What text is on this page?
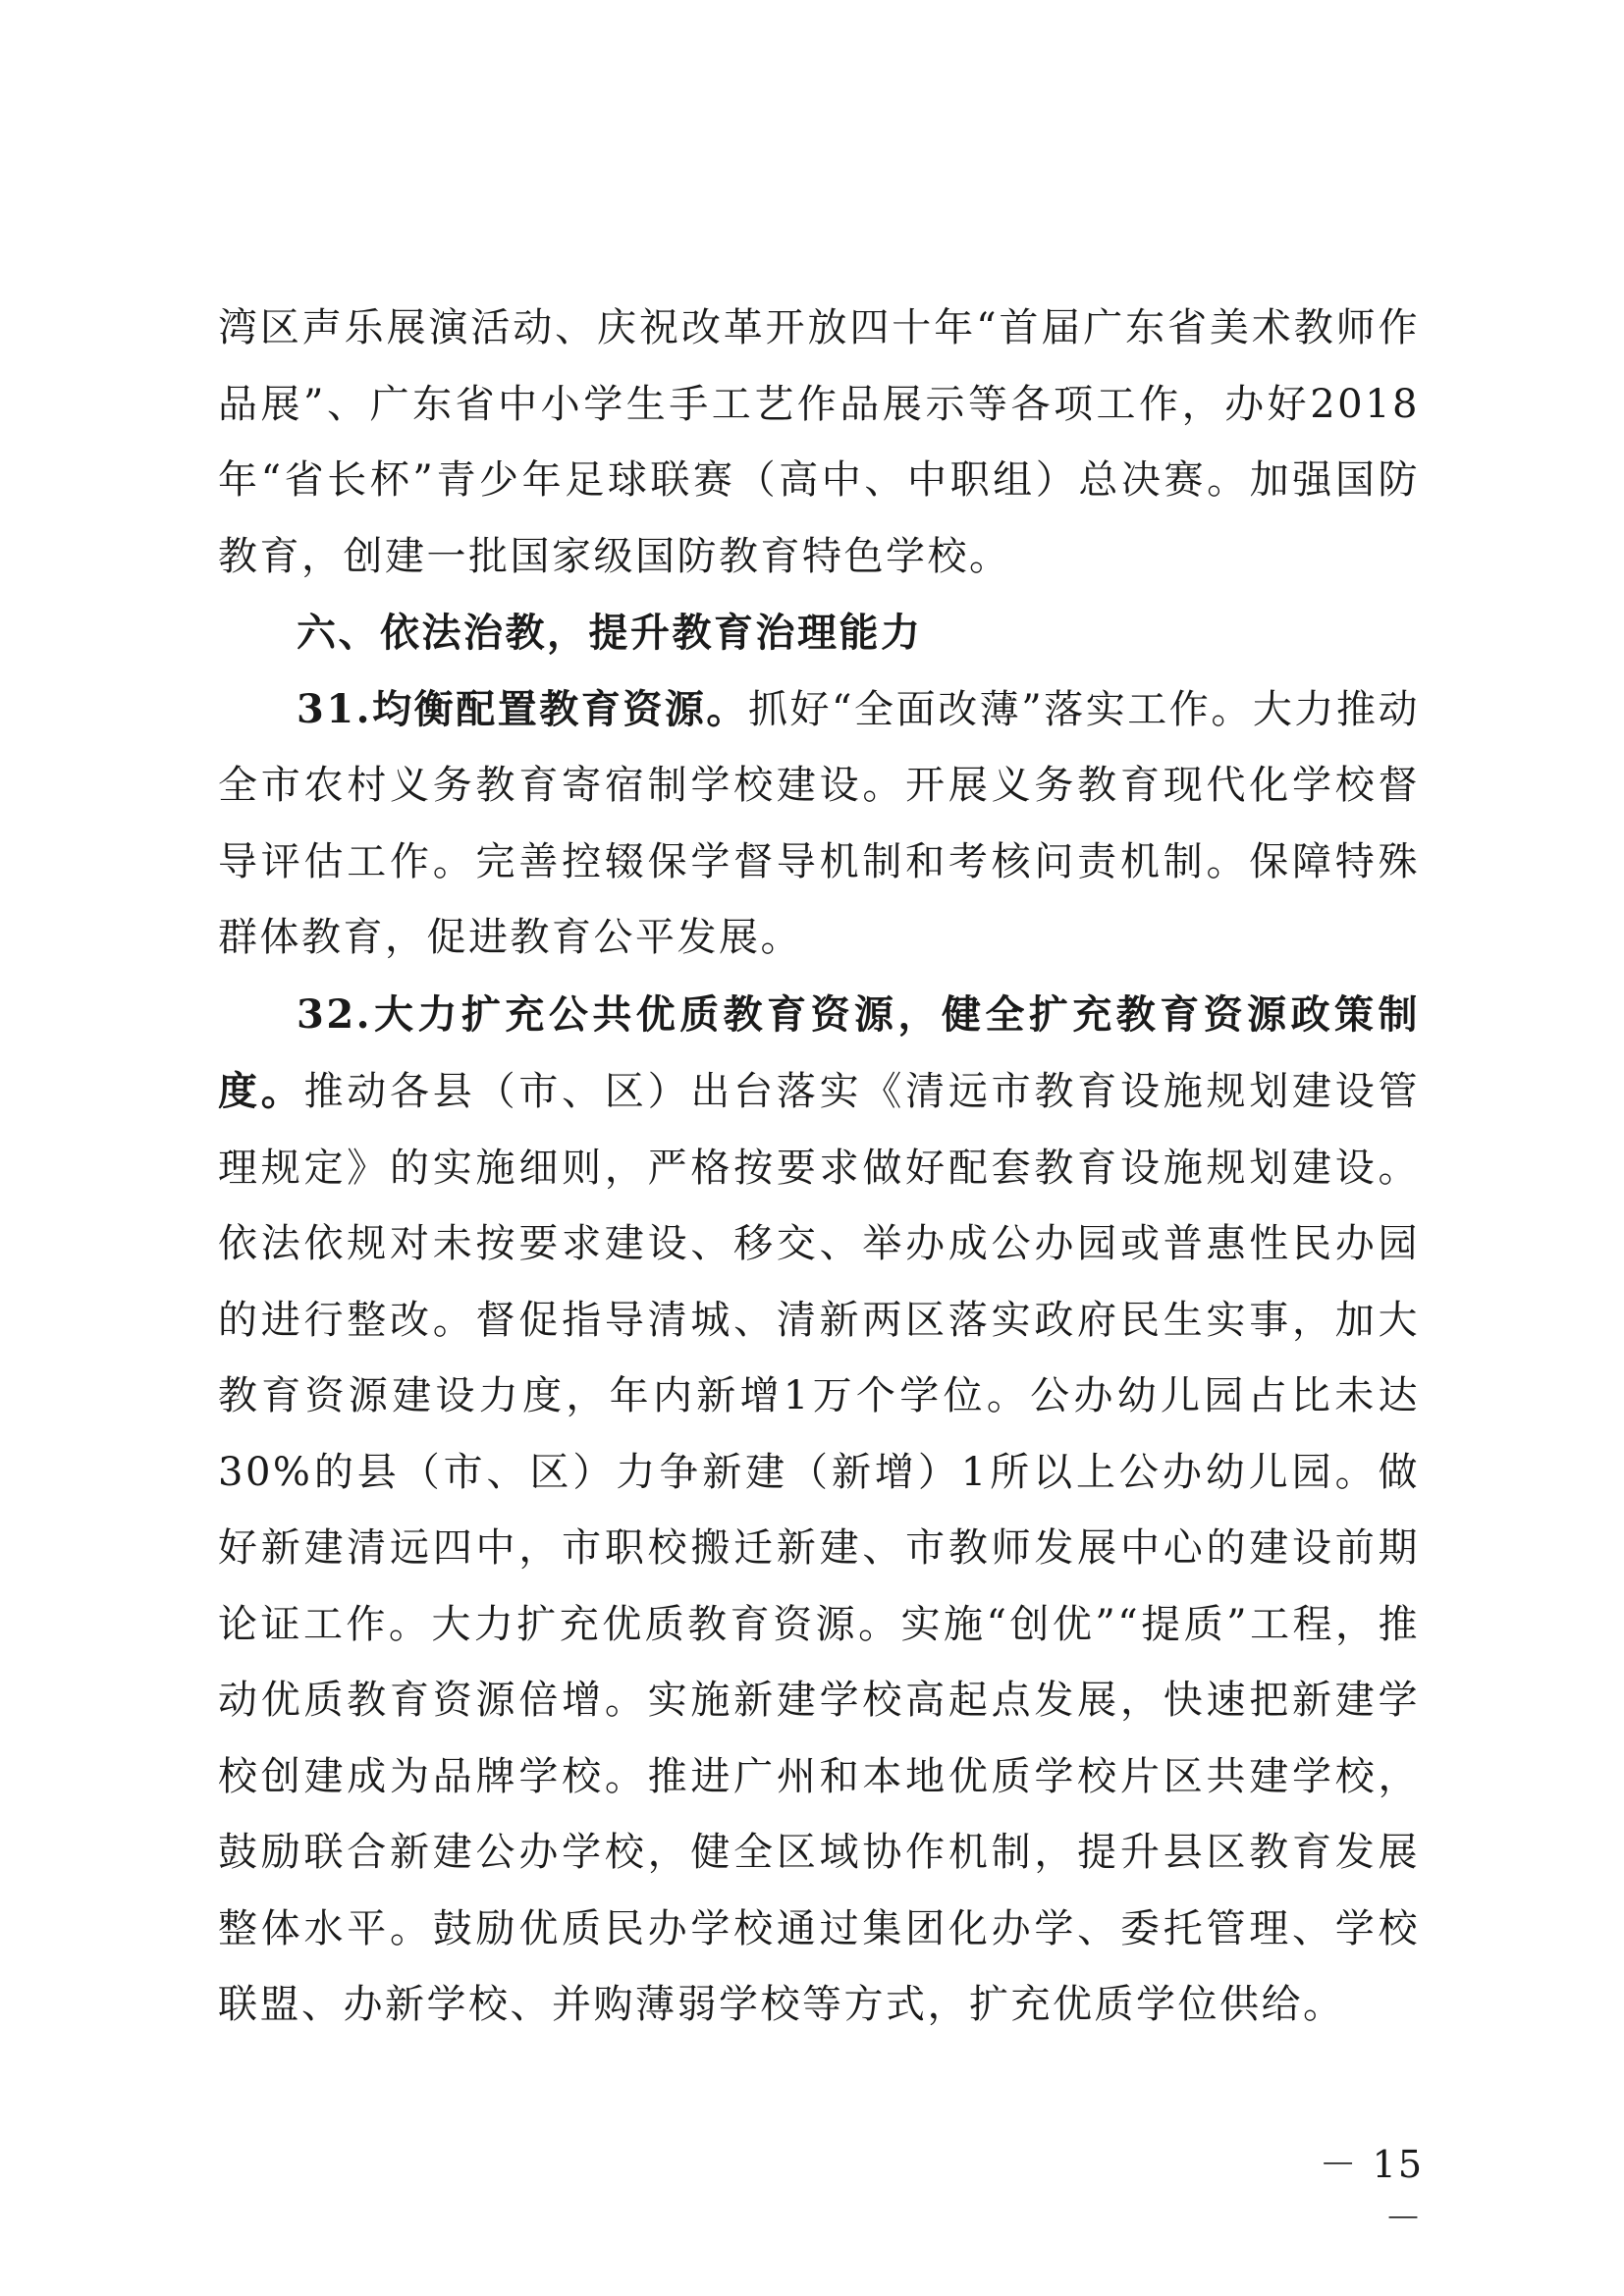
湾区声乐展演活动、庆祝改革开放四十年“首届广东省美术教师作品展”、广东省中小学生手工艺作品展示等各项工作，办好2018年“省长杯”青少年足球联赛（高中、中职组）总决赛。加强国防教育，创建一批国家级国防教育特色学校。

六、依法治教，提升教育治理能力

31.均衡配置教育资源。抓好“全面改薄”落实工作。大力推动全市农村义务教育寄宿制学校建设。开展义务教育现代化学校督导评估工作。完善控辍保学督导机制和考核问责机制。保障特殊群体教育，促进教育公平发展。

32.大力扩充公共优质教育资源，健全扩充教育资源政策制度。推动各县（市、区）出台落实《清远市教育设施规划建设管理规定》的实施细则，严格按要求做好配套教育设施规划建设。依法依规对未按要求建设、移交、举办成公办园或普惠性民办园的进行整改。督促指导清城、清新两区落实政府民生实事，加大教育资源建设力度，年内新增1万个学位。公办幼儿园占比未达30%的县（市、区）力争新建（新增）1所以上公办幼儿园。做好新建清远四中，市职校搬迁新建、市教师发展中心的建设前期论证工作。大力扩充优质教育资源。实施“创优”“提质”工程，推动优质教育资源倍增。实施新建学校高起点发展，快速把新建学校创建成为品牌学校。推进广州和本地优质学校片区共建学校，鼓励联合新建公办学校，健全区域协作机制，提升县区教育发展整体水平。鼓励优质民办学校通过集团化办学、委托管理、学校联盟、办新学校、并购薄弱学校等方式，扩充优质学位供给。

－ 15 －
